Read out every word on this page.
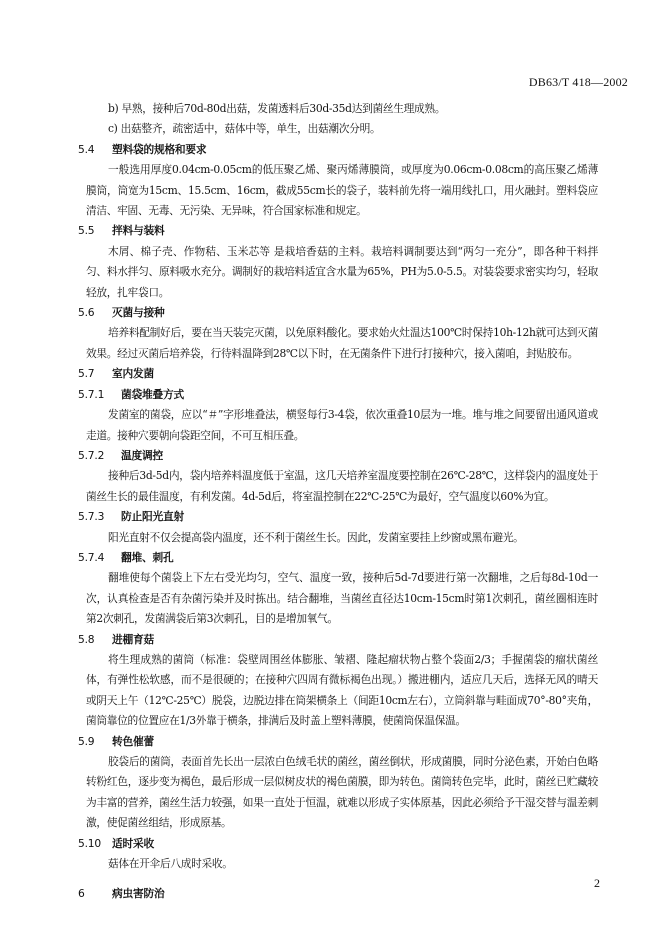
DB63/T 418—2002

b) 早熟，接种后70d-80d出菇，发菌透料后30d-35d达到菌丝生理成熟。

c) 出菇整齐，疏密适中，菇体中等，单生，出菇潮次分明。

5.4 塑料袋的规格和要求

一般选用厚度0.04cm-0.05cm的低压聚乙烯、聚丙烯薄膜筒，或厚度为0.06cm-0.08cm的高压聚乙烯薄膜筒，筒宽为15cm、15.5cm、16cm，截成55cm长的袋子，装料前先将一端用线扎口，用火融封。塑料袋应清洁、牢固、无毒、无污染、无异味，符合国家标准和规定。

5.5 拌料与装料

木屑、棉子壳、作物秸、玉米芯等 是栽培香菇的主料。栽培料调制要达到“两匀一充分”，即各种干料拌匀、料水拌匀、原料吸水充分。调制好的栽培料适宜含水量为65%，PH为5.0-5.5。对装袋要求密实均匀，轻取轻放，扎牢袋口。

5.6 灭菌与接种

培养料配制好后，要在当天装完灭菌，以免原料酸化。要求始火灶温达100℃时保持10h-12h就可达到灭菌效果。经过灭菌后培养袋，行待料温降到28℃以下时，在无菌条件下进行打接种穴，接入菌咱，封贴胶布。

5.7 室内发菌
5.7.1 菌袋堆叠方式

发菌室的菌袋，应以“＃”字形堆叠法，横竖每行3-4袋，依次重叠10层为一堆。堆与堆之间要留出通风道或走道。接种穴要朝向袋距空间，不可互相压叠。

5.7.2 温度调控

接种后3d-5d内，袋内培养料温度低于室温，这几天培养室温度要控制在26℃-28℃，这样袋内的温度处于菌丝生长的最佳温度，有利发菌。4d-5d后，将室温控制在22℃-25℃为最好，空气温度以60%为宜。

5.7.3 防止阳光直射

阳光直射不仅会提高袋内温度，还不利于菌丝生长。因此，发菌室要挂上纱窗或黑布避光。

5.7.4 翻堆、刺孔

翻堆使每个菌袋上下左右受光均匀，空气、温度一致，接种后5d-7d要进行第一次翻堆，之后每8d-10d一次，认真检查是否有杂菌污染并及时拣出。结合翻堆，当菌丝直径达10cm-15cm时第1次刺孔，菌丝圈相连时第2次刺孔，发菌满袋后第3次刺孔，目的是增加氧气。

5.8 进棚育菇

将生理成熟的菌筒（标准：袋壁周围丝体膨胀、皱褶、隆起瘤状物占整个袋面2/3；手握菌袋的瘤状菌丝体，有弹性松软感，而不是很硬的；在接种穴四周有微标褐色出现。）搬进棚内，适应几天后，选择无风的晴天或阴天上午（12℃-25℃）脱袋，边脱边排在筒架横条上（间距10cm左右），立筒斜靠与畦面成70°-80°夹角，菌筒靠位的位置应在1/3外靠于横条，排满后及时盖上塑料薄膜，使菌筒保温保温。

5.9 转色催蕾

胶袋后的菌筒，表面首先长出一层浓白色绒毛状的菌丝，菌丝倒状，形成菌膜，同时分泌色素，开始白色略转粉红色，逐步变为褐色，最后形成一层似树皮状的褐色菌膜，即为转色。菌筒转色完毕，此时，菌丝已贮藏较为丰富的营养，菌丝生活力较强，如果一直处于恒温，就难以形成子实体原基，因此必须给予干湿交替与温差刺激，使促菌丝组结，形成原基。

5.10 适时采收

菇体在开伞后八成时采收。

6	病虫害防治
2
